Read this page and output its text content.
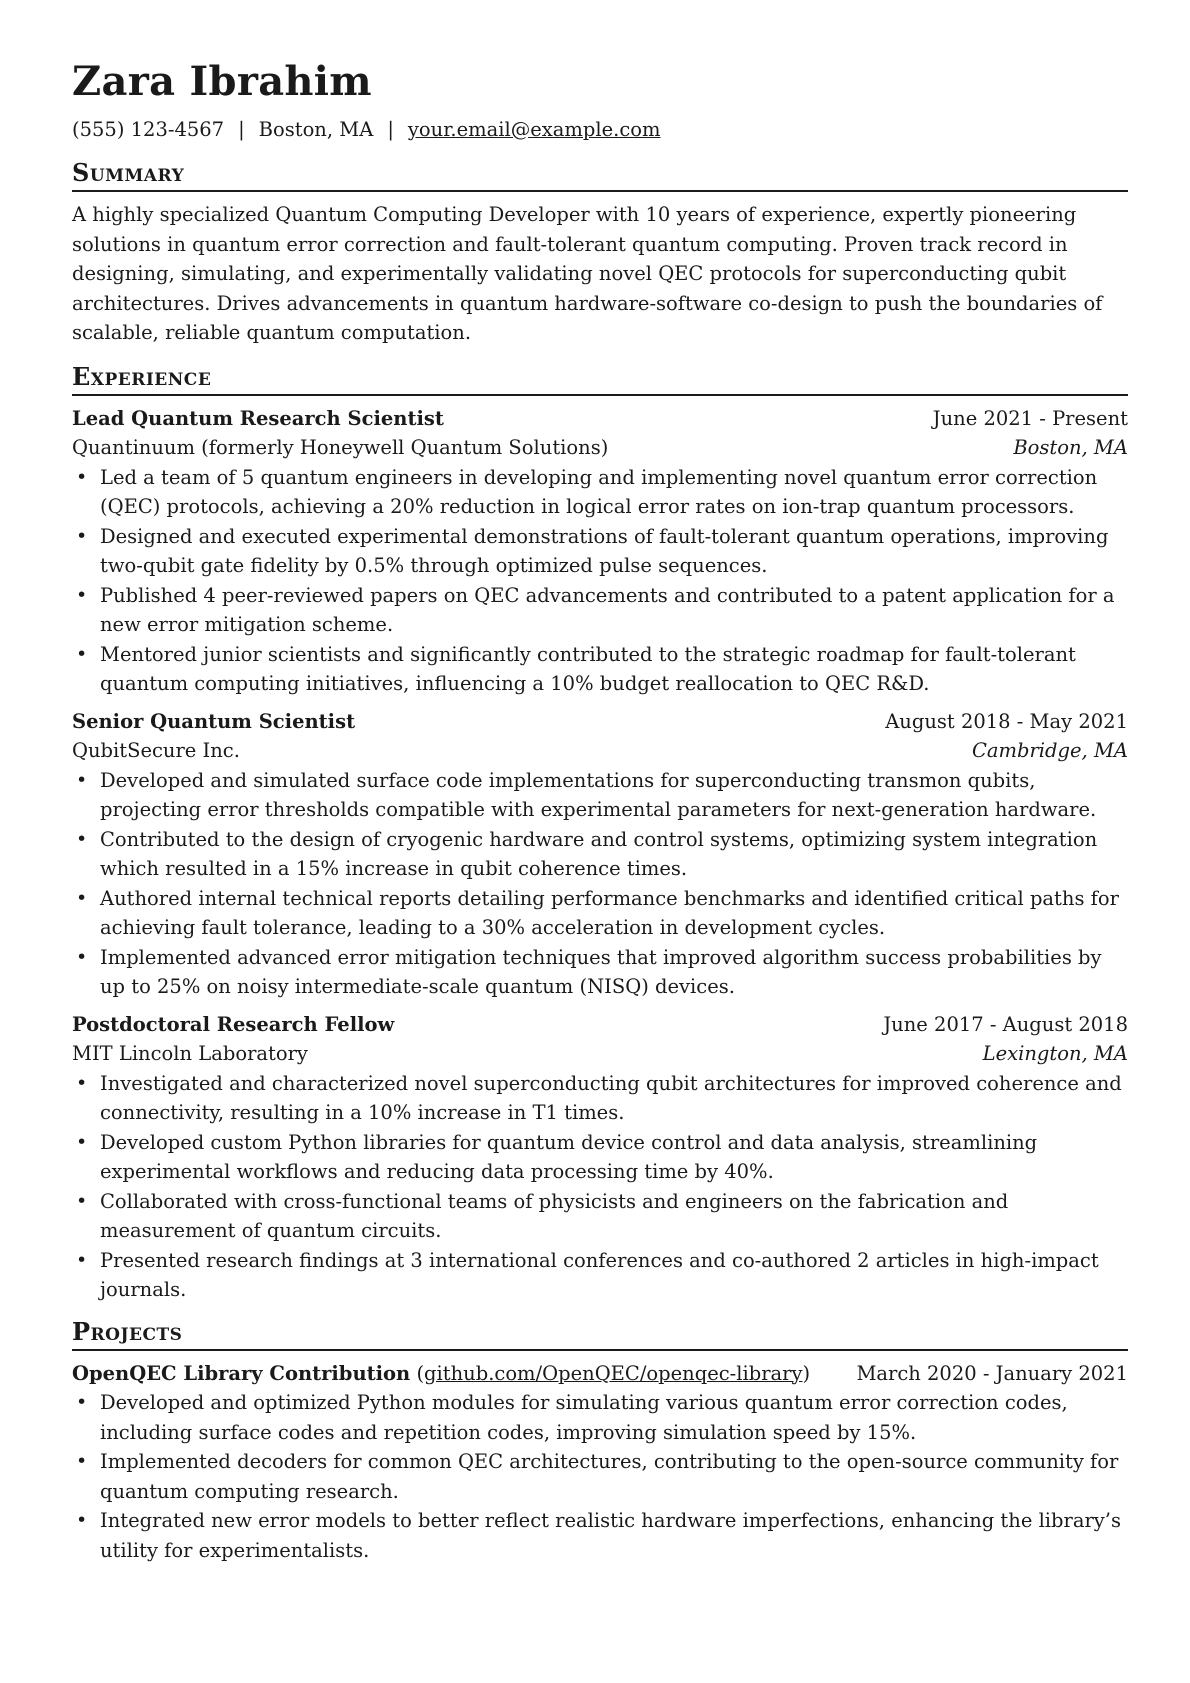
Zara Ibrahim
(555) 123-4567 | Boston, MA | your.email@example.com
Summary
A highly specialized Quantum Computing Developer with 10 years of experience, expertly pioneering solutions in quantum error correction and fault-tolerant quantum computing. Proven track record in designing, simulating, and experimentally validating novel QEC protocols for superconducting qubit architectures. Drives advancements in quantum hardware-software co-design to push the boundaries of scalable, reliable quantum computation.
Experience
Lead Quantum Research Scientist	June 2021 - Present
Quantinuum (formerly Honeywell Quantum Solutions)	Boston, MA
• Led a team of 5 quantum engineers in developing and implementing novel quantum error correction (QEC) protocols, achieving a 20% reduction in logical error rates on ion-trap quantum processors.
• Designed and executed experimental demonstrations of fault-tolerant quantum operations, improving two-qubit gate fidelity by 0.5% through optimized pulse sequences.
• Published 4 peer-reviewed papers on QEC advancements and contributed to a patent application for a new error mitigation scheme.
• Mentored junior scientists and significantly contributed to the strategic roadmap for fault-tolerant quantum computing initiatives, influencing a 10% budget reallocation to QEC R&D.
Senior Quantum Scientist	August 2018 - May 2021
QubitSecure Inc.	Cambridge, MA
• Developed and simulated surface code implementations for superconducting transmon qubits, projecting error thresholds compatible with experimental parameters for next-generation hardware.
• Contributed to the design of cryogenic hardware and control systems, optimizing system integration which resulted in a 15% increase in qubit coherence times.
• Authored internal technical reports detailing performance benchmarks and identified critical paths for achieving fault tolerance, leading to a 30% acceleration in development cycles.
• Implemented advanced error mitigation techniques that improved algorithm success probabilities by up to 25% on noisy intermediate-scale quantum (NISQ) devices.
Postdoctoral Research Fellow	June 2017 - August 2018
MIT Lincoln Laboratory	Lexington, MA
• Investigated and characterized novel superconducting qubit architectures for improved coherence and connectivity, resulting in a 10% increase in T1 times.
• Developed custom Python libraries for quantum device control and data analysis, streamlining experimental workflows and reducing data processing time by 40%.
• Collaborated with cross-functional teams of physicists and engineers on the fabrication and measurement of quantum circuits.
• Presented research findings at 3 international conferences and co-authored 2 articles in high-impact journals.
Projects
OpenQEC Library Contribution (github.com/OpenQEC/openqec-library) March 2020 - January 2021
• Developed and optimized Python modules for simulating various quantum error correction codes, including surface codes and repetition codes, improving simulation speed by 15%.
• Implemented decoders for common QEC architectures, contributing to the open-source community for quantum computing research.
• Integrated new error models to better reflect realistic hardware imperfections, enhancing the library’s utility for experimentalists.
